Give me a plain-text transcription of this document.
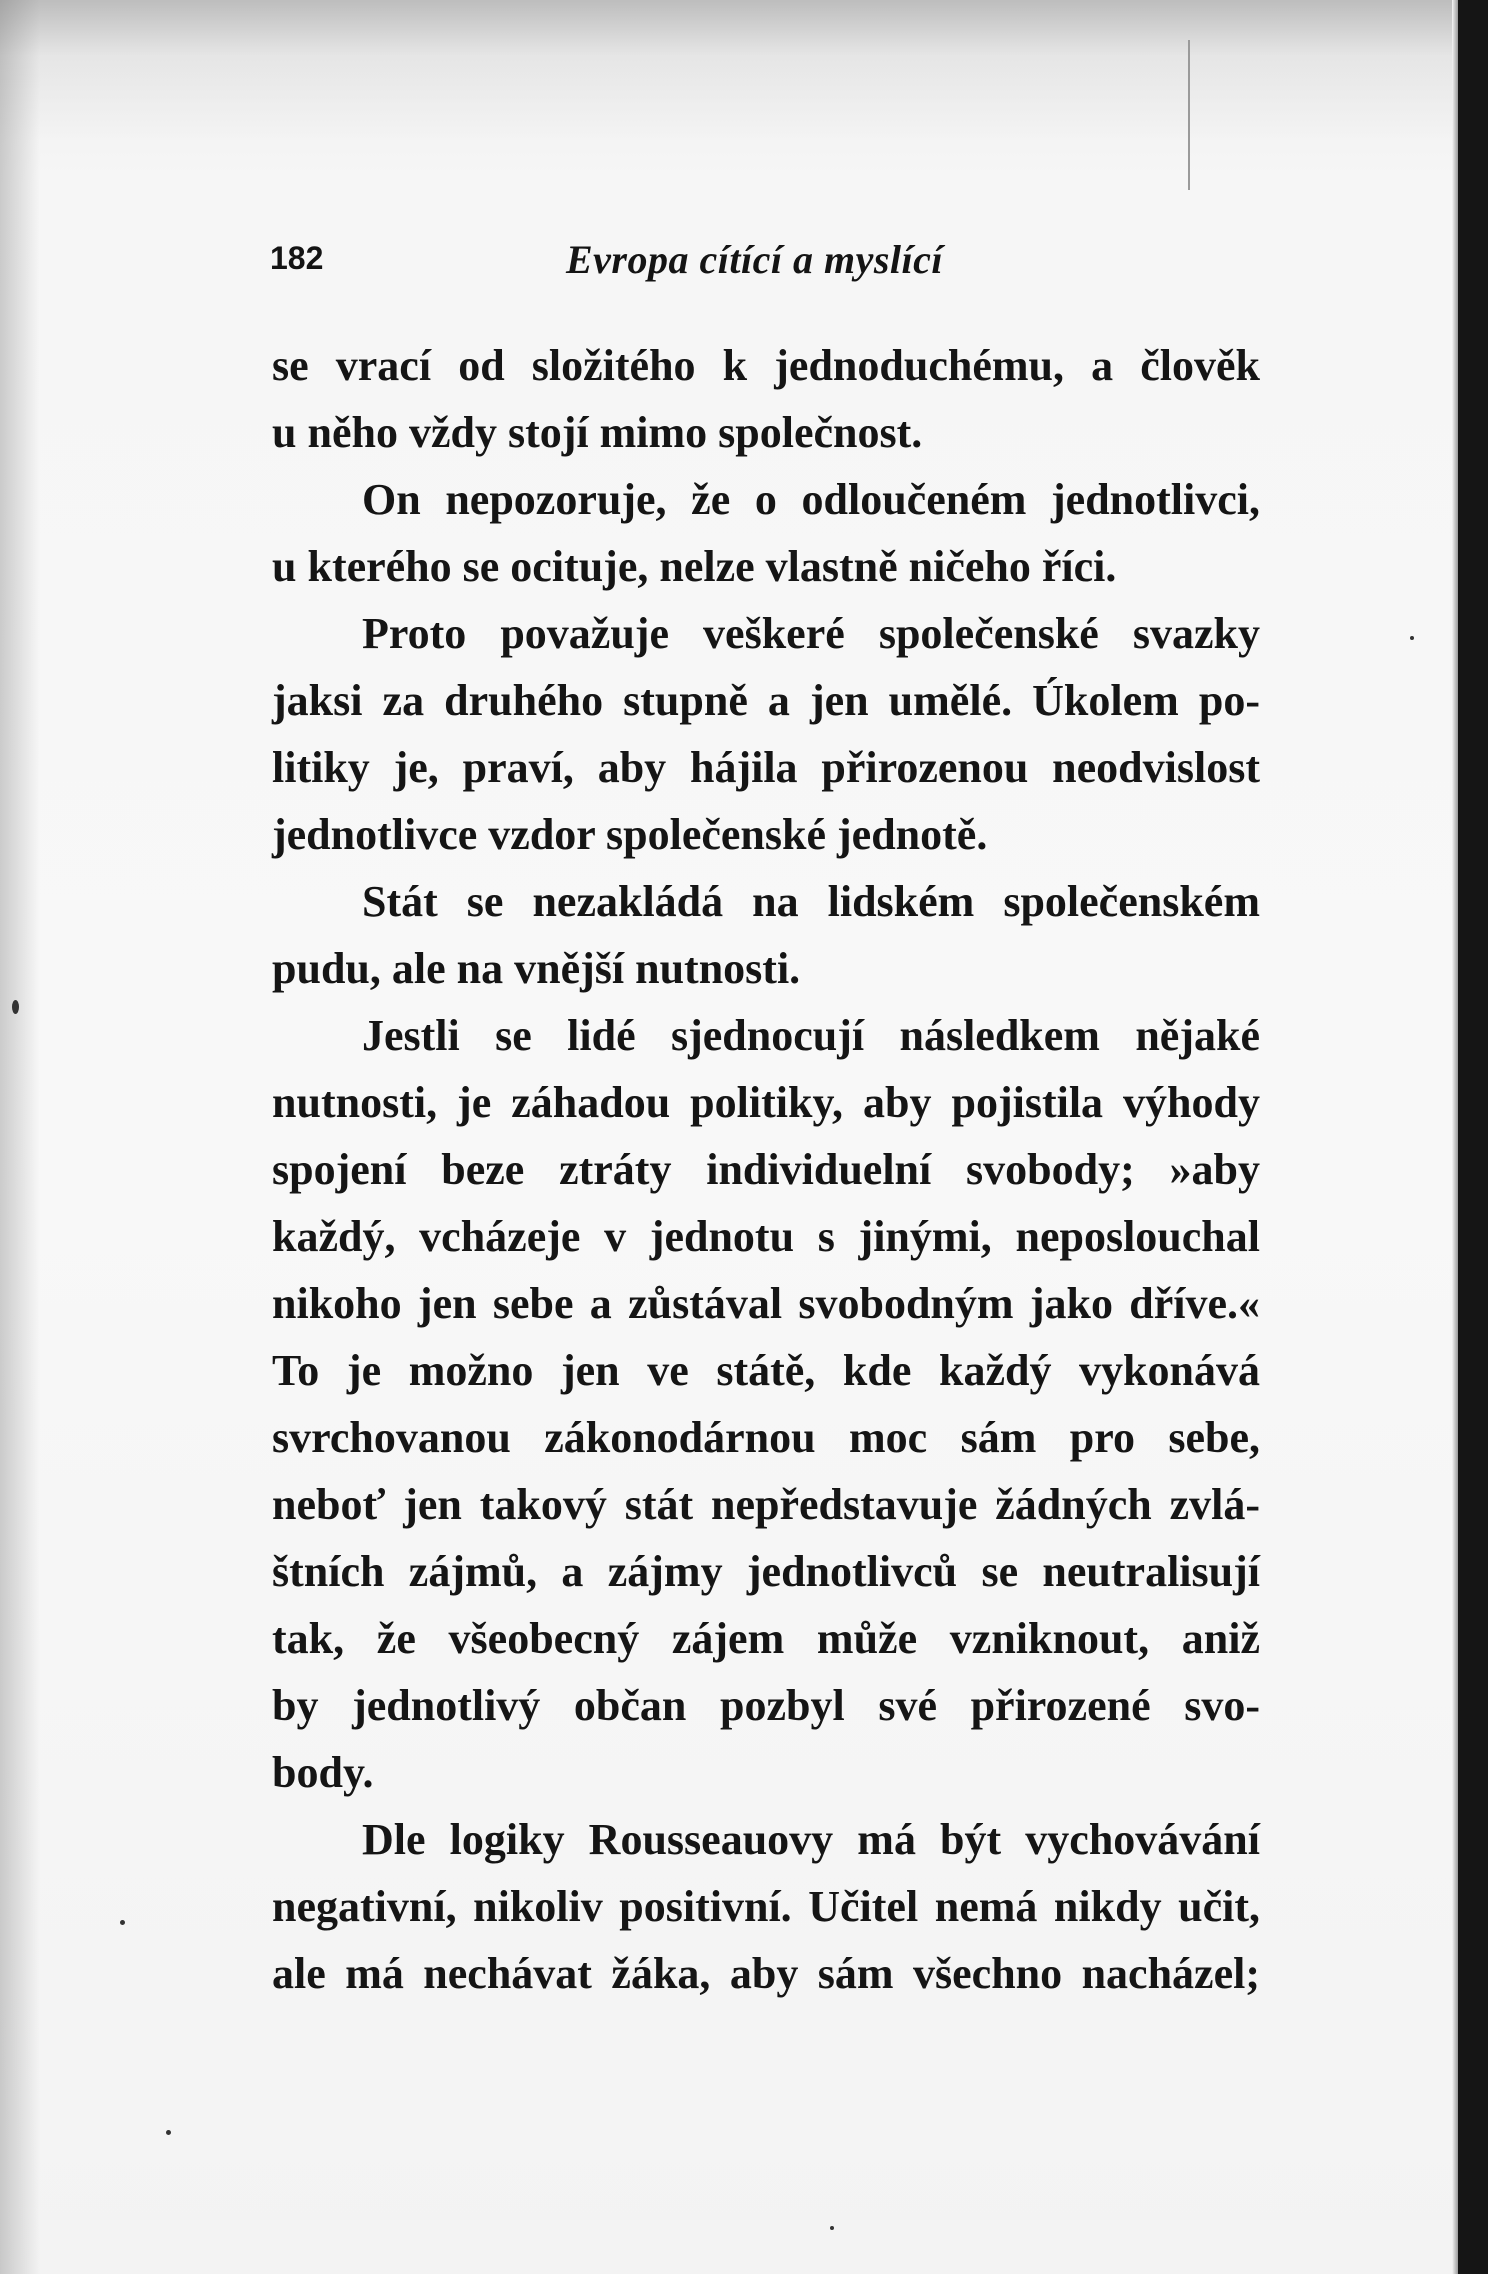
182	Evropa cítící a myslící
se vrací od složitého k jednoduchému, a člověk
u něho vždy stojí mimo společnost.
On nepozoruje, že o odloučeném jednotlivci,
u kterého se ocituje, nelze vlastně ničeho říci.
Proto považuje veškeré společenské svazky
jaksi za druhého stupně a jen umělé. Úkolem po-
litiky je, praví, aby hájila přirozenou neodvislost
jednotlivce vzdor společenské jednotě.
Stát se nezakládá na lidském společenském
pudu, ale na vnější nutnosti.
Jestli se lidé sjednocují následkem nějaké
nutnosti, je záhadou politiky, aby pojistila výhody
spojení beze ztráty individuelní svobody; »aby
každý, vcházeje v jednotu s jinými, neposlouchal
nikoho jen sebe a zůstával svobodným jako dříve.«
To je možno jen ve státě, kde každý vykonává
svrchovanou zákonodárnou moc sám pro sebe,
neboť jen takový stát nepředstavuje žádných zvlá-
štních zájmů, a zájmy jednotlivců se neutralisují
tak, že všeobecný zájem může vzniknout, aniž
by jednotlivý občan pozbyl své přirozené svo-
body.
Dle logiky Rousseauovy má být vychovávání
negativní, nikoliv positivní. Učitel nemá nikdy učit,
ale má nechávat žáka, aby sám všechno nacházel;
